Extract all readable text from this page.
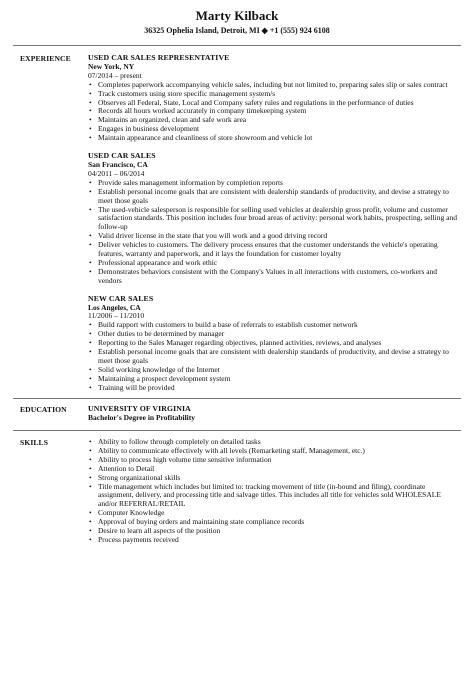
Marty Kilback
36325 Ophelia Island, Detroit, MI ◆ +1 (555) 924 6108
EXPERIENCE USED CAR SALES REPRESENTATIVE
New York, NY
07/2014 – present
• Completes paperwork accompanying vehicle sales, including but not limited to, preparing sales slip or sales contract
• Track customers using store specific management system/s
• Observes all Federal, State, Local and Company safety rules and regulations in the performance of duties
• Records all hours worked accurately in company timekeeping system
• Maintains an organized, clean and safe work area
• Engages in business development
• Maintain appearance and cleanliness of store showroom and vehicle lot
USED CAR SALES
San Francisco, CA
04/2011 – 06/2014
• Provide sales management information by completion reports
• Establish personal income goals that are consistent with dealership standards of productivity, and devise a strategy to meet those goals
• The used-vehicle salesperson is responsible for selling used vehicles at dealership gross profit, volume and customer satisfaction standards. This position includes four broad areas of activity: personal work habits, prospecting, selling and follow-up
• Valid driver license in the state that you will work and a good driving record
• Deliver vehicles to customers. The delivery process ensures that the customer understands the vehicle's operating features, warranty and paperwork, and it lays the foundation for customer loyalty
• Professional appearance and work ethic
• Demonstrates behaviors consistent with the Company's Values in all interactions with customers, co-workers and vendors
NEW CAR SALES
Los Angeles, CA
11/2006 – 11/2010
• Build rapport with customers to build a base of referrals to establish customer network
• Other duties to be determined by manager
• Reporting to the Sales Manager regarding objectives, planned activities, reviews, and analyses
• Establish personal income goals that are consistent with dealership standards of productivity, and devise a strategy to meet those goals
• Solid working knowledge of the Internet
• Maintaining a prospect development system
• Training will be provided
EDUCATION	UNIVERSITY OF VIRGINIA
Bachelor's Degree in Profitability
SKILLS
•	Ability to follow through completely on detailed tasks
• Ability to communicate effectively with all levels (Remarketing staff, Management, etc.)
• Ability to process high volume time sensitive information
• Attention to Detail
• Strong organizational skills
• Title management which includes but limited to: tracking movement of title (in-bound and filing), coordinate assignment, delivery, and processing title and salvage titles. This includes all title for vehicles sold WHOLESALE and/or REFERRAL/RETAIL
• Computer Knowledge
• Approval of buying orders and maintaining state compliance records
• Desire to learn all aspects of the position
• Process payments received
